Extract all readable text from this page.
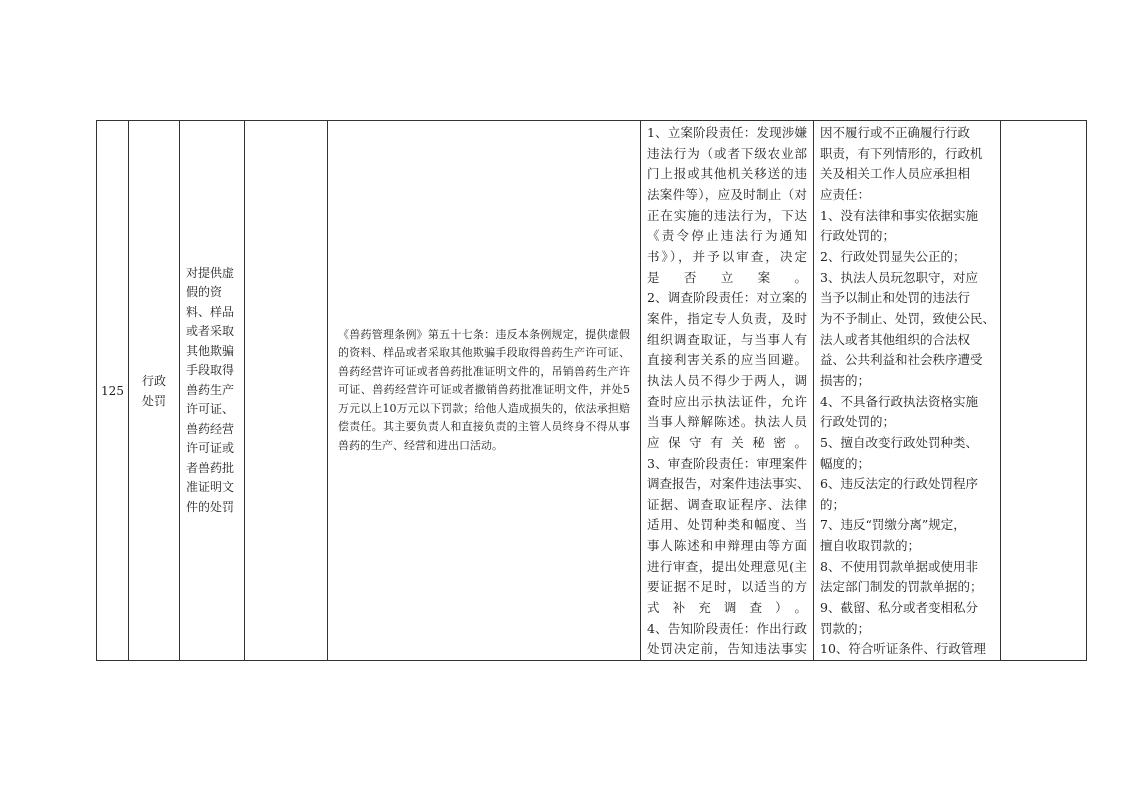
125
行政处罚
对提供虚假的资料、样品或者采取其他欺骗手段取得兽药生产许可证、兽药经营许可证或者兽药批准证明文件的处罚
《兽药管理条例》第五十七条：违反本条例规定，提供虚假的资料、样品或者采取其他欺骗手段取得兽药生产许可证、兽药经营许可证或者兽药批准证明文件的，吊销兽药生产许可证、兽药经营许可证或者撤销兽药批准证明文件，并处5万元以上10万元以下罚款；给他人造成损失的，依法承担赔偿责任。其主要负责人和直接负责的主管人员终身不得从事兽药的生产、经营和进出口活动。
1、立案阶段责任：发现涉嫌
违法行为（或者下级农业部
门上报或其他机关移送的违
法案件等），应及时制止（对
正在实施的违法行为，下达
《责令停止违法行为通知
书》），并予以审查，决定
是否立案。
2、调查阶段责任：对立案的
案件，指定专人负责，及时
组织调查取证，与当事人有
直接利害关系的应当回避。
执法人员不得少于两人，调
查时应出示执法证件，允许
当事人辩解陈述。执法人员
应保守有关秘密。
3、审查阶段责任：审理案件
调查报告，对案件违法事实、
证据、调查取证程序、法律
适用、处罚种类和幅度、当
事人陈述和申辩理由等方面
进行审查，提出处理意见(主
要证据不足时，以适当的方
式补充调查）。
4、告知阶段责任：作出行政
处罚决定前，告知违法事实
因不履行或不正确履行行政
职责，有下列情形的，行政机
关及相关工作人员应承担相
应责任：
1、没有法律和事实依据实施
行政处罚的；
2、行政处罚显失公正的；
3、执法人员玩忽职守，对应
当予以制止和处罚的违法行
为不予制止、处罚，致使公民、
法人或者其他组织的合法权
益、公共利益和社会秩序遭受
损害的；
4、不具备行政执法资格实施
行政处罚的；
5、擅自改变行政处罚种类、
幅度的；
6、违反法定的行政处罚程序
的；
7、违反“罚缴分离”规定，
擅自收取罚款的；
8、不使用罚款单据或使用非
法定部门制发的罚款单据的；
9、截留、私分或者变相私分
罚款的；
10、符合听证条件、行政管理
